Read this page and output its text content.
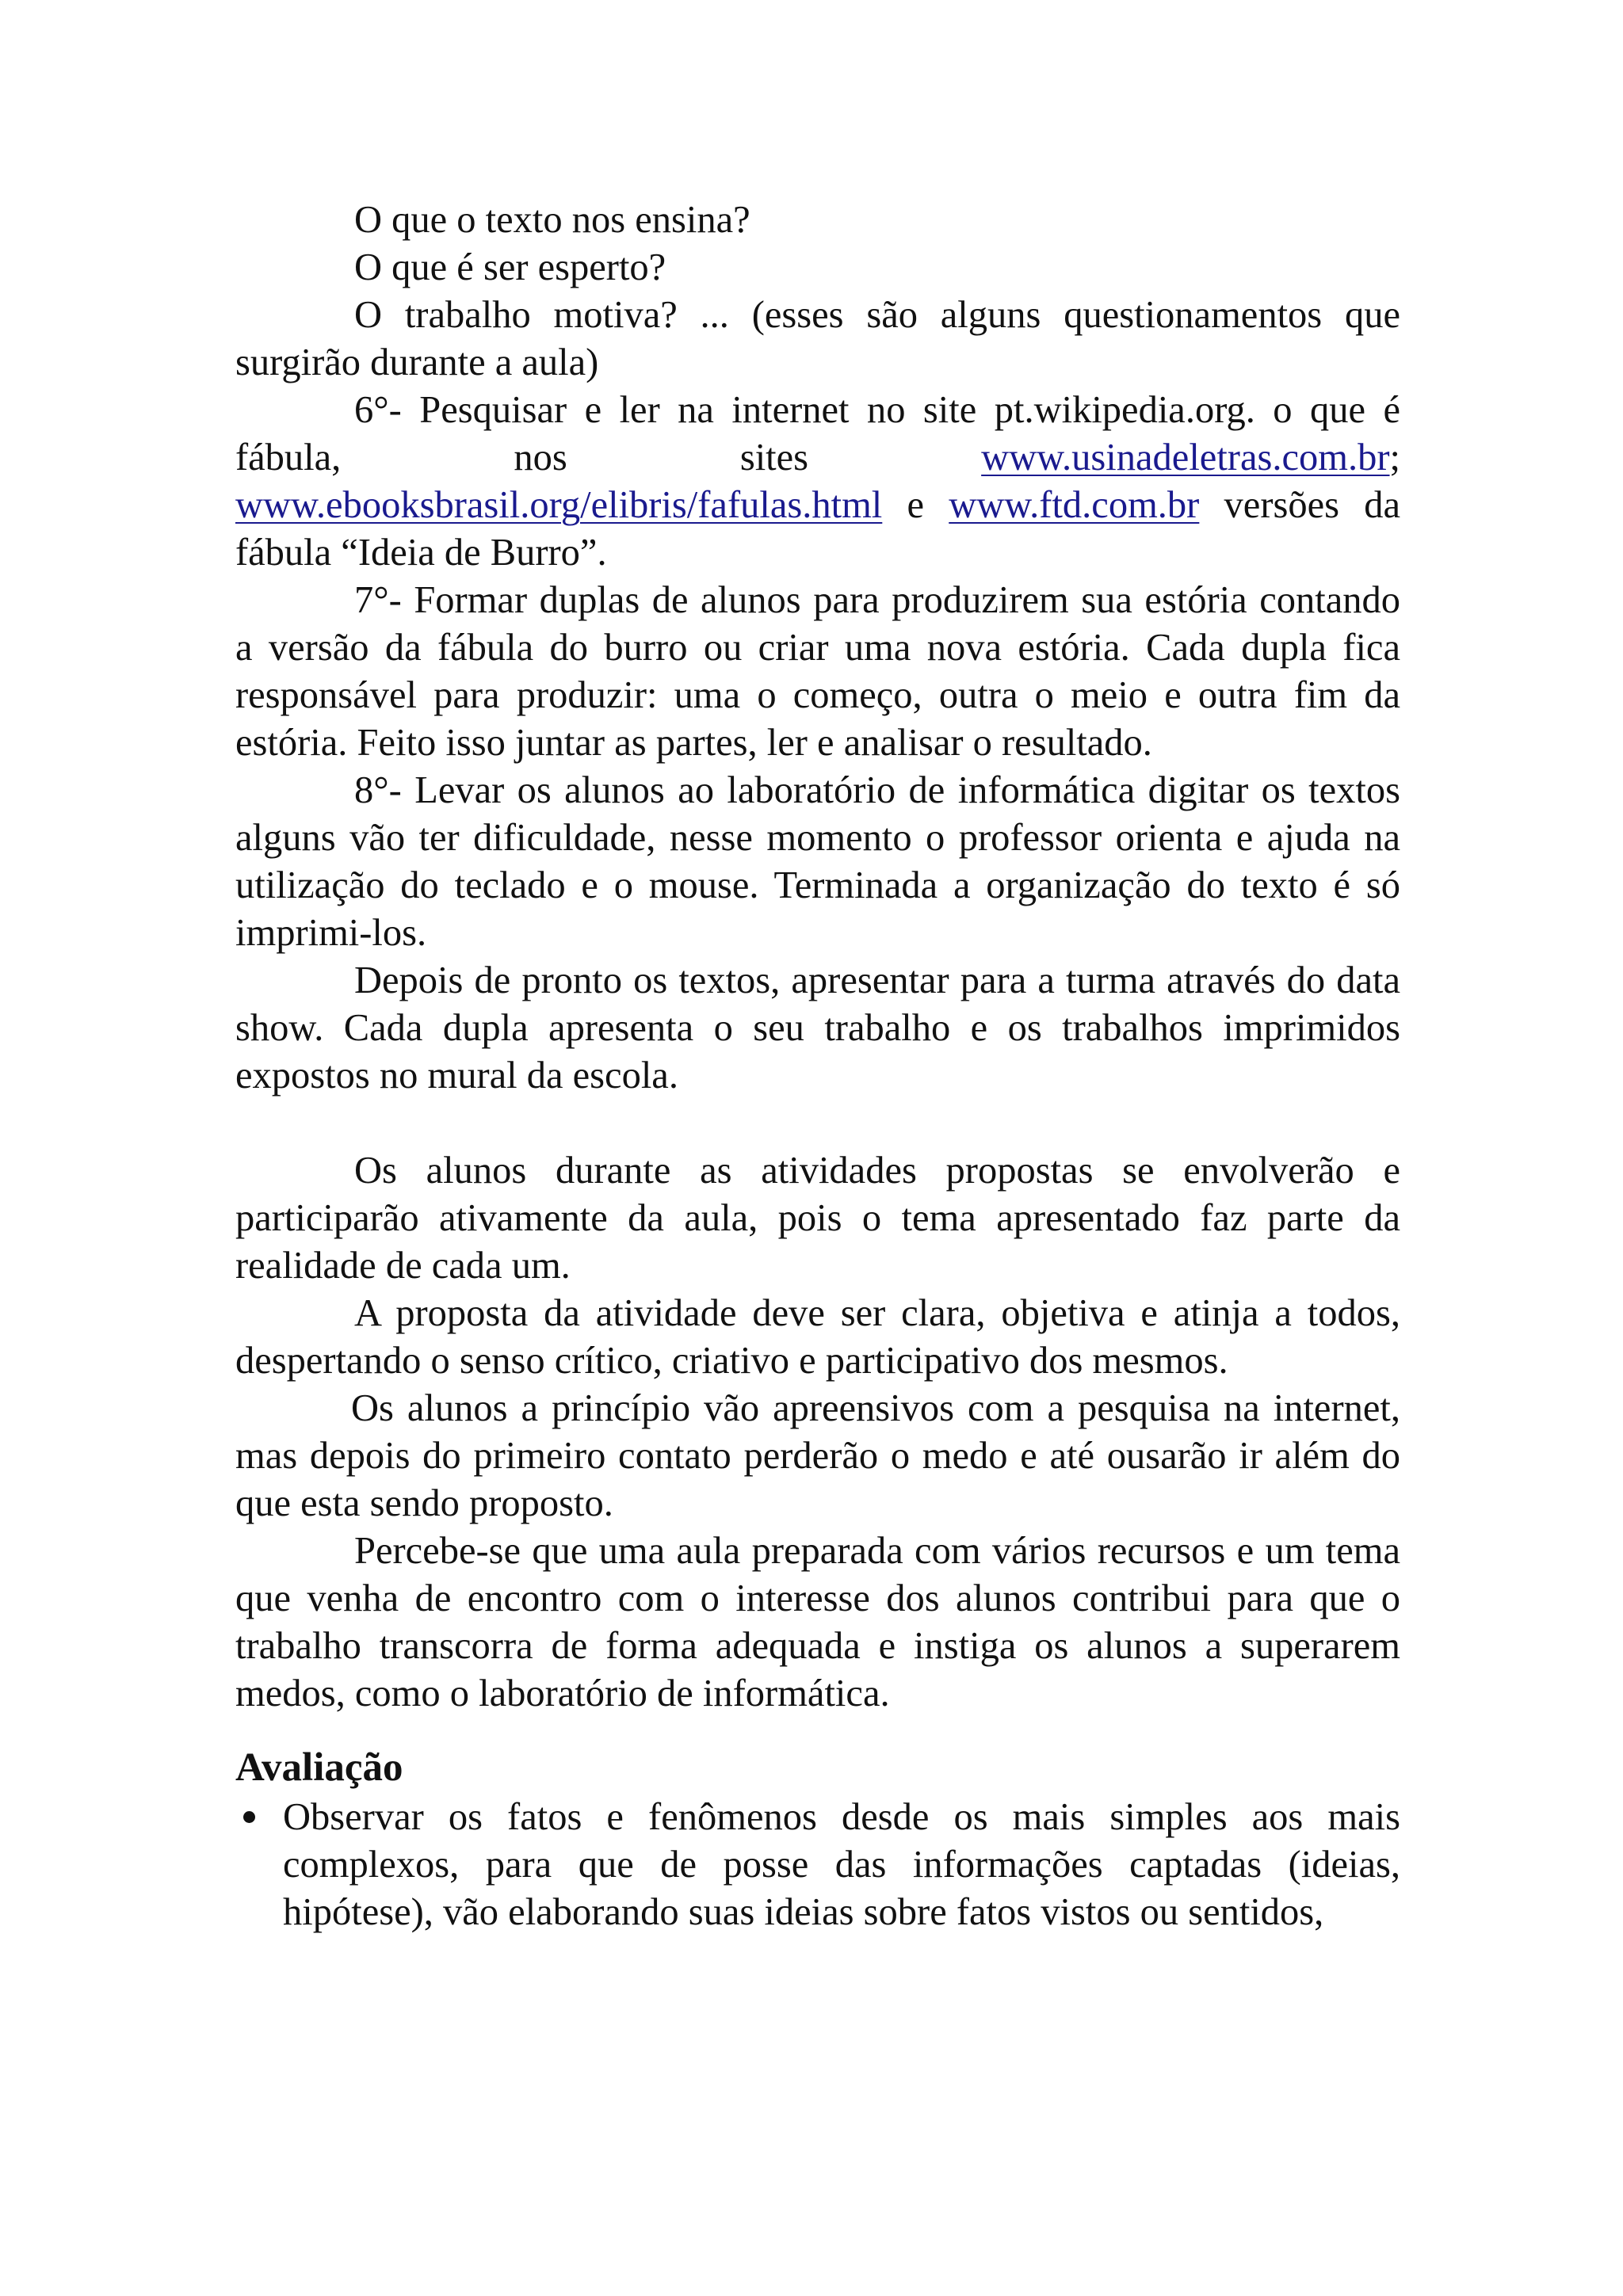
O que o texto nos ensina?

O que é ser esperto?

O trabalho motiva? ... (esses são alguns questionamentos que surgirão durante a aula)

6°- Pesquisar e ler na internet no site pt.wikipedia.org. o que é fábula, nos sites www.usinadeletras.com.br; www.ebooksbrasil.org/elibris/fafulas.html e www.ftd.com.br versões da fábula “Ideia de Burro”.

7°- Formar duplas de alunos para produzirem sua estória contando a versão da fábula do burro ou criar uma nova estória. Cada dupla fica responsável para produzir: uma o começo, outra o meio e outra fim da estória. Feito isso juntar as partes, ler e analisar o resultado.

8°- Levar os alunos ao laboratório de informática digitar os textos alguns vão ter dificuldade, nesse momento o professor orienta e ajuda na utilização do teclado e o mouse. Terminada a organização do texto é só imprimi-los.

Depois de pronto os textos, apresentar para a turma através do data show. Cada dupla apresenta o seu trabalho e os trabalhos imprimidos expostos no mural da escola.

Os alunos durante as atividades propostas se envolverão e participarão ativamente da aula, pois o tema apresentado faz parte da realidade de cada um.

A proposta da atividade deve ser clara, objetiva e atinja a todos, despertando o senso crítico, criativo e participativo dos mesmos.

Os alunos a princípio vão apreensivos com a pesquisa na internet, mas depois do primeiro contato perderão o medo e até ousarão ir além do que esta sendo proposto.

Percebe-se que uma aula preparada com vários recursos e um tema que venha de encontro com o interesse dos alunos contribui para que o trabalho transcorra de forma adequada e instiga os alunos a superarem medos, como o laboratório de informática.

Avaliação
Observar os fatos e fenômenos desde os mais simples aos mais complexos, para que de posse das informações captadas (ideias, hipótese), vão elaborando suas ideias sobre fatos vistos ou sentidos,
